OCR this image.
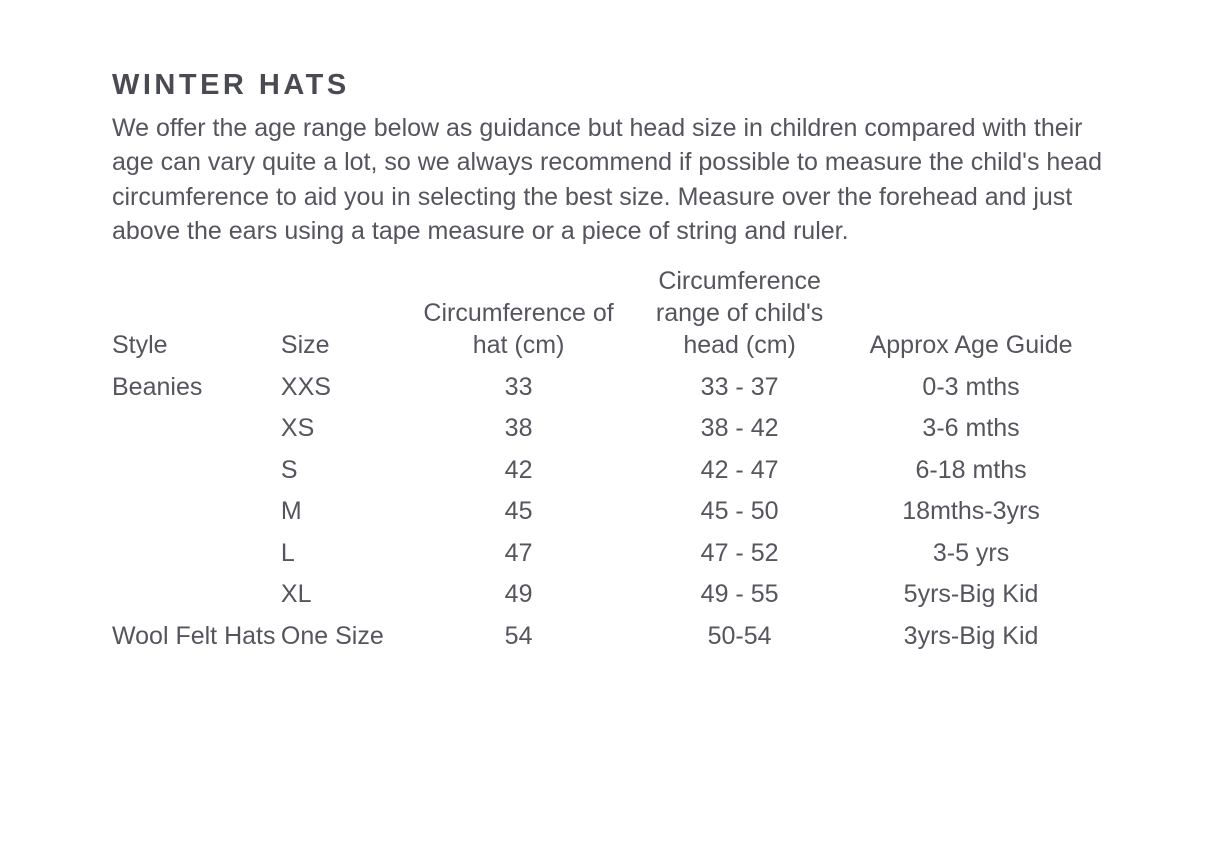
WINTER HATS

We offer the age range below as guidance but head size in children compared with their age can vary quite a lot, so we always recommend if possible to measure the child's head circumference to aid you in selecting the best size. Measure over the forehead and just above the ears using a tape measure or a piece of string and ruler.

Style	Size	Circumference of hat (cm)	Circumference range of child's head (cm)	Approx Age Guide
Beanies	XXS	33	33 - 37	0-3 mths
	XS	38	38 - 42	3-6 mths
	S	42	42 - 47	6-18 mths
	M	45	45 - 50	18mths-3yrs
	L	47	47 - 52	3-5 yrs
	XL	49	49 - 55	5yrs-Big Kid
Wool Felt Hats	One Size	54	50-54	3yrs-Big Kid
